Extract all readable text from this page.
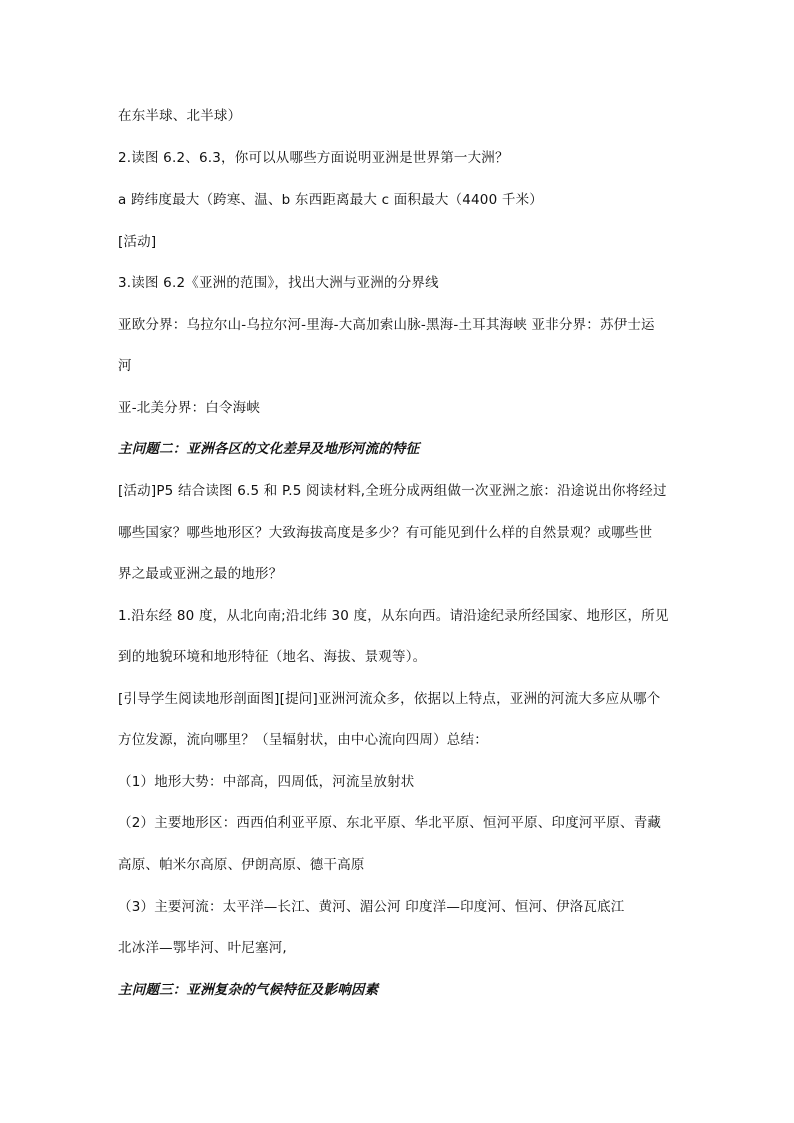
在东半球、北半球）
2.读图 6.2、6.3，你可以从哪些方面说明亚洲是世界第一大洲？
a 跨纬度最大（跨寒、温、b 东西距离最大 c 面积最大（4400 千米）
[活动]
3.读图 6.2《亚洲的范围》，找出大洲与亚洲的分界线
亚欧分界：乌拉尔山-乌拉尔河-里海-大高加索山脉-黑海-土耳其海峡 亚非分界：苏伊士运
河
亚-北美分界：白令海峡
主问题二：亚洲各区的文化差异及地形河流的特征
[活动]P5 结合读图 6.5 和 P.5 阅读材料,全班分成两组做一次亚洲之旅：沿途说出你将经过
哪些国家？哪些地形区？大致海拔高度是多少？有可能见到什么样的自然景观？或哪些世
界之最或亚洲之最的地形？
1.沿东经 80 度，从北向南;沿北纬 30 度，从东向西。请沿途纪录所经国家、地形区，所见
到的地貌环境和地形特征（地名、海拔、景观等）。
[引导学生阅读地形剖面图][提问]亚洲河流众多，依据以上特点，亚洲的河流大多应从哪个
方位发源，流向哪里？（呈辐射状，由中心流向四周）总结：
（1）地形大势：中部高，四周低，河流呈放射状
（2）主要地形区：西西伯利亚平原、东北平原、华北平原、恒河平原、印度河平原、青藏
高原、帕米尔高原、伊朗高原、德干高原
（3）主要河流：太平洋—长江、黄河、湄公河 印度洋—印度河、恒河、伊洛瓦底江
北冰洋—鄂毕河、叶尼塞河,
主问题三：亚洲复杂的气候特征及影响因素
